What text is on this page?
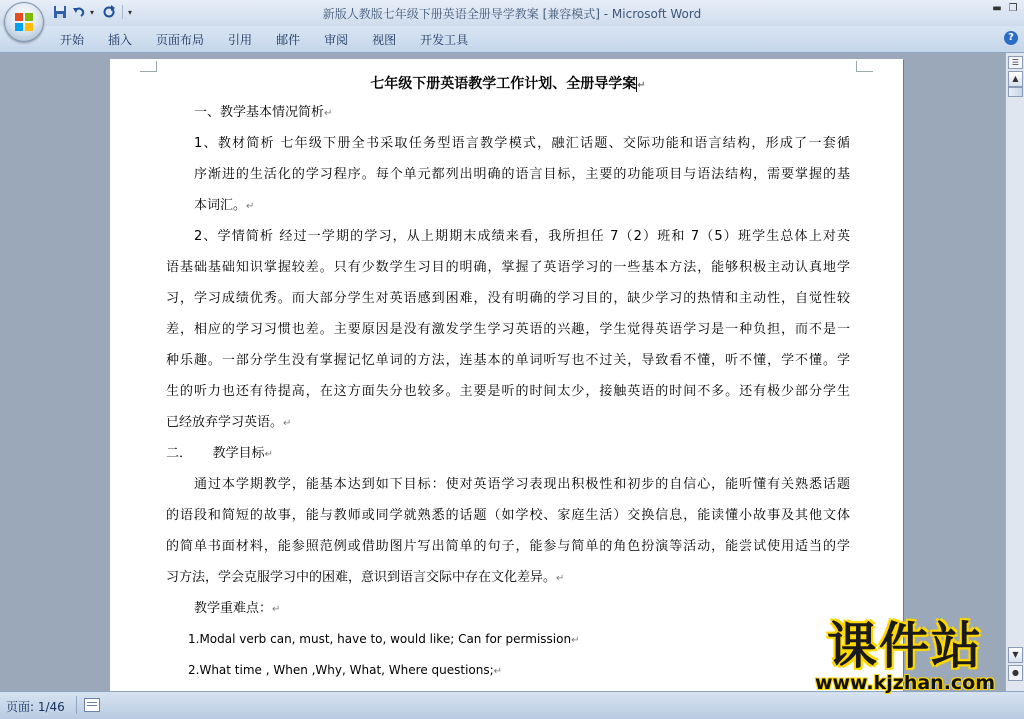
新版人教版七年级下册英语全册导学教案 [兼容模式] - Microsoft Word	▬ ❐
▾	▾
开始	插入	页面布局	引用	邮件	审阅	视图	开发工具	?
七年级下册英语教学工作计划、全册导学案↵
一、教学基本情况简析↵
1、教材简析 七年级下册全书采取任务型语言教学模式，融汇话题、交际功能和语言结构，形成了一套循
序渐进的生活化的学习程序。每个单元都列出明确的语言目标，主要的功能项目与语法结构，需要掌握的基
本词汇。↵
2、学情简析 经过一学期的学习，从上期期末成绩来看，我所担任 7（2）班和 7（5）班学生总体上对英
语基础基础知识掌握较差。只有少数学生习目的明确，掌握了英语学习的一些基本方法，能够积极主动认真地学
习，学习成绩优秀。而大部分学生对英语感到困难，没有明确的学习目的，缺少学习的热情和主动性，自觉性较
差，相应的学习习惯也差。主要原因是没有激发学生学习英语的兴趣，学生觉得英语学习是一种负担，而不是一
种乐趣。一部分学生没有掌握记忆单词的方法，连基本的单词听写也不过关，导致看不懂，听不懂，学不懂。学
生的听力也还有待提高，在这方面失分也较多。主要是听的时间太少，接触英语的时间不多。还有极少部分学生
已经放弃学习英语。↵
二．     教学目标↵
通过本学期教学，能基本达到如下目标：使对英语学习表现出积极性和初步的自信心，能听懂有关熟悉话题
的语段和简短的故事，能与教师或同学就熟悉的话题（如学校、家庭生活）交换信息，能读懂小故事及其他文体
的简单书面材料，能参照范例或借助图片写出简单的句子，能参与简单的角色扮演等活动，能尝试使用适当的学
习方法，学会克服学习中的困难，意识到语言交际中存在文化差异。↵
教学重难点：↵
1.Modal verb can, must, have to, would like; Can for permission↵
2.What time , When ,Why, What, Where questions;↵
☰
▲
▼
●
页面: 1/46
课件站
www.kjzhan.com
